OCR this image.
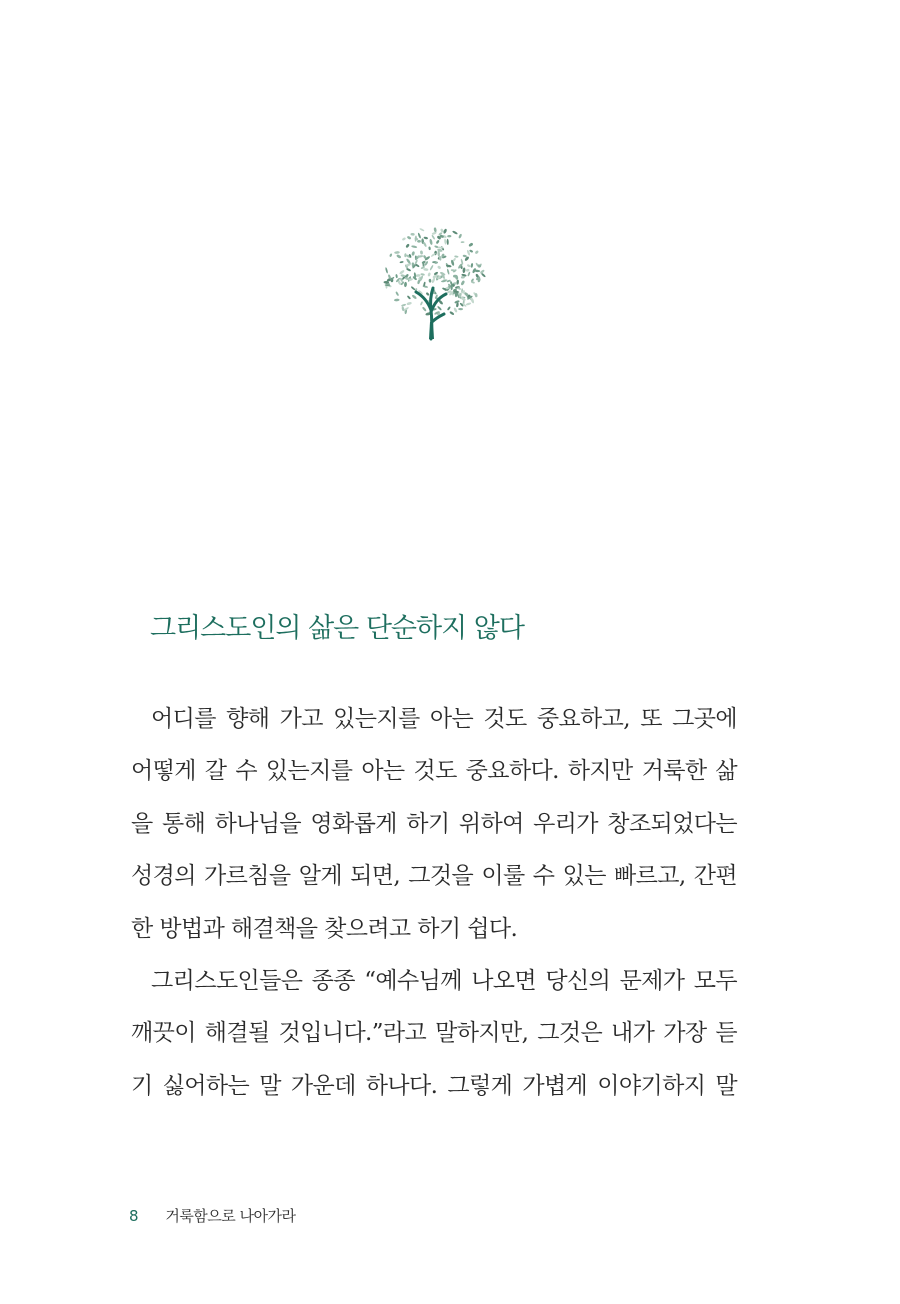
그리스도인의 삶은 단순하지 않다
어디를 향해 가고 있는지를 아는 것도 중요하고, 또 그곳에
어떻게 갈 수 있는지를 아는 것도 중요하다. 하지만 거룩한 삶
을 통해 하나님을 영화롭게 하기 위하여 우리가 창조되었다는
성경의 가르침을 알게 되면, 그것을 이룰 수 있는 빠르고, 간편
한 방법과 해결책을 찾으려고 하기 쉽다.
그리스도인들은 종종 “예수님께 나오면 당신의 문제가 모두
깨끗이 해결될 것입니다.”라고 말하지만, 그것은 내가 가장 듣
기 싫어하는 말 가운데 하나다. 그렇게 가볍게 이야기하지 말
8 거룩함으로 나아가라
